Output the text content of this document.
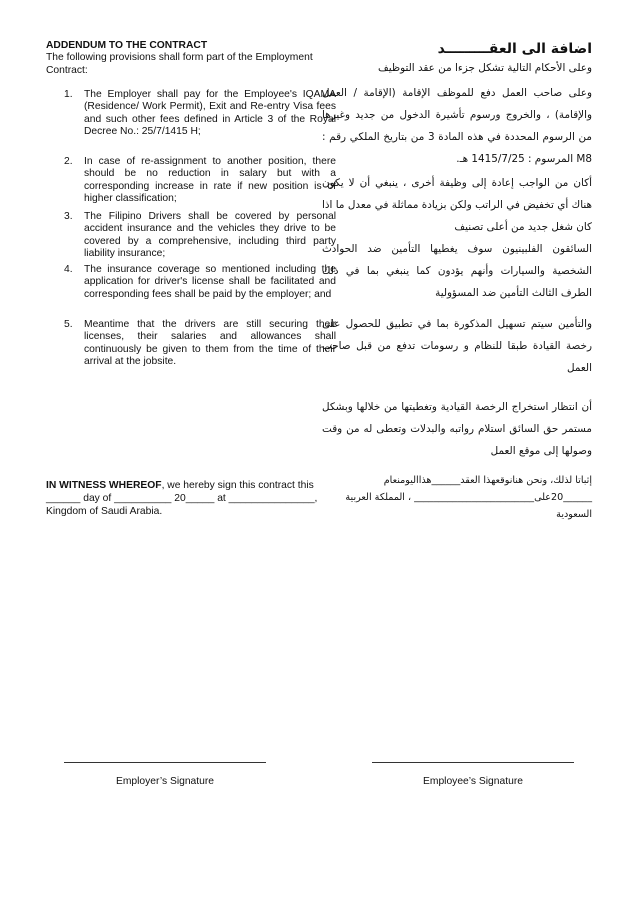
ADDENDUM TO THE CONTRACT
The following provisions shall form part of the Employment Contract:
1. The Employer shall pay for the Employee's IQAMA (Residence/ Work Permit), Exit and Re-entry Visa fees and such other fees defined in Article 3 of the Royal Decree No.: 25/7/1415 H;
2. In case of re-assignment to another position, there should be no reduction in salary but with a corresponding increase in rate if new position is of higher classification;
3. The Filipino Drivers shall be covered by personal accident insurance and the vehicles they drive to be covered by a comprehensive, including third party liability insurance;
4. The insurance coverage so mentioned including the application for driver's license shall be facilitated and corresponding fees shall be paid by the employer; and
5. Meantime that the drivers are still securing their licenses, their salaries and allowances shall continuously be given to them from the time of their arrival at the jobsite.
اضافة الى العقـــــــــد
وعلى الأحكام التالية تشكل جزءا من عقد التوظيف
وعلى صاحب العمل دفع للموظف الإقامة (الإقامة / العمل والإقامة) ، والخروج ورسوم تأشيرة الدخول من جديد وغيرها من الرسوم المحددة في هذه المادة 3 من بتاريخ الملكي رقم : M8 المرسوم : 1415/7/25 هـ.
أكان من الواجب إعادة إلى وظيفة أخرى ، ينبغي أن لا يكون هناك أي تخفيض في الراتب ولكن بزيادة مماثلة في معدل ما اذا كان شغل جديد من أعلى تصنيف
السائقون الفلبينيون سوف يغطيها التأمين ضد الحوادث الشخصية والسيارات وأنهم يؤدون كما ينبغي بما في ذلك الطرف الثالث التأمين ضد المسؤولية
والتأمين سيتم تسهيل المذكورة بما في تطبيق للحصول على رخصة القيادة طبقا للنظام و رسومات تدفع من قبل صاحب العمل
أن انتظار استخراج الرخصة القيادية وتغطيتها من خلالها وبشكل مستمر حق السائق استلام رواتبه والبدلات وتعطى له من وقت وصولها إلى موقع العمل
IN WITNESS WHEREOF, we hereby sign this contract this ______ day of __________ 20_____ at _______________, Kingdom of Saudi Arabia.
إثباتا لذلك، ونحن هنانوقعهذا العقد______هذااليومنعام ______20على_________________________ ، المملكة العربية السعودية
Employer’s Signature	Employee’s Signature
